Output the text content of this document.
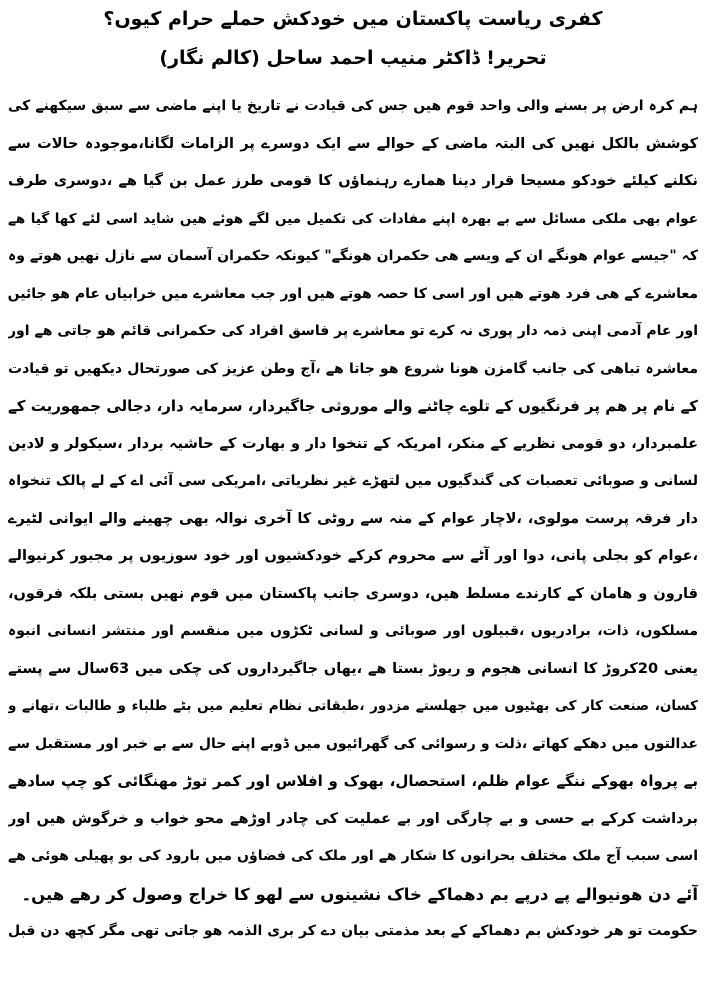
کفری ریاست پاکستان میں خودکش حملے حرام کیوں؟
تحریر! ڈاکٹر منیب احمد ساحل (کالم نگار)
ہم کرہ ارض پر بسنے والی واحد قوم ھیں جس کی قیادت نے تاریخ یا اپنے ماضی سے سبق سیکھنے کی
کوشش بالکل نھیں کی البتہ ماضی کے حوالے سے ایک دوسرے پر الزامات لگانا،موجودہ حالات سے
نکلنے کیلئے خودکو مسیحا قرار دینا ھمارے رہنماؤں کا قومی طرز عمل بن گیا ھے ،دوسری طرف
عوام بھی ملکی مسائل سے بے بھرہ اپنے مفادات کی تکمیل میں لگے ھوئے ھیں شاید اسی لئے کھا گیا ھے
کہ "جیسے عوام ھونگے ان کے ویسے ھی حکمران ھونگے" کیونکہ حکمران آسمان سے نازل نھیں ھوتے وہ
معاشرے کے ھی فرد ھوتے ھیں اور اسی کا حصہ ھوتے ھیں اور جب معاشرے میں خرابیاں عام ھو جائیں
اور عام آدمی اپنی ذمہ دار پوری نہ کرے تو معاشرے پر فاسق افراد کی حکمرانی قائم ھو جاتی ھے اور
معاشرہ تباھی کی جانب گامزن ھونا شروع ھو جاتا ھے ،آج وطن عزیز کی صورتحال دیکھیں تو قیادت
کے نام پر ھم پر فرنگیوں کے تلوے چاٹنے والے موروثی جاگیردار، سرمایہ دار، دجالی جمھوریت کے
علمبردار، دو قومی نظریے کے منکر، امریکہ کے تنخوا دار و بھارت کے حاشیہ بردار ،سیکولر و لادین
لسانی و صوبائی تعصبات کی گندگیوں میں لتھڑے غیر نظریاتی ،امریکی سی آئی اے کے لے پالک تنخواہ
دار فرقہ پرست مولوی، ،لاچار عوام کے منہ سے روٹی کا آخری نوالہ بھی چھینے والے ایوانی لٹیرے
،عوام کو بجلی پانی، دوا اور آٹے سے محروم کرکے خودکشیوں اور خود سوزیوں پر مجبور کرنیوالے
قارون و ھامان کے کارندے مسلط ھیں، دوسری جانب پاکستان میں قوم نھیں بستی بلکہ فرقوں،
مسلکوں، ذات، برادریوں ،قبیلوں اور صوبائی و لسانی ٹکڑوں میں منقسم اور منتشر انسانی انبوہ
یعنی 20کروڑ کا انسانی ھجوم و ریوڑ بستا ھے ،یھاں جاگیرداروں کی چکی میں 63سال سے پستے
کسان، صنعت کار کی بھٹیوں میں جھلستے مزدور ،طبقاتی نظام تعلیم میں بٹے طلباء و طالبات ،تھانے و
عدالتوں میں دھکے کھاتے ،ذلت و رسوائی کی گھرائیوں میں ڈوبے اپنے حال سے بے خبر اور مستقبل سے
بے پرواہ بھوکے ننگے عوام ظلم، استحصال، بھوک و افلاس اور کمر توڑ مھنگائی کو چپ سادھے
برداشت کرکے بے حسی و بے چارگی اور بے عملیت کی چادر اوڑھے محو خواب و خرگوش ھیں اور
اسی سبب آج ملک مختلف بحرانوں کا شکار ھے اور ملک کی فضاؤں میں بارود کی بو پھیلی ھوئی ھے
آئے دن ھونیوالے پے درپے بم دھماکے خاک نشینوں سے لھو کا خراج وصول کر رھے ھیں۔
حکومت تو ھر خودکش بم دھماکے کے بعد مذمتی بیان دے کر بری الذمہ ھو جاتی تھی مگر کچھ دن قبل
